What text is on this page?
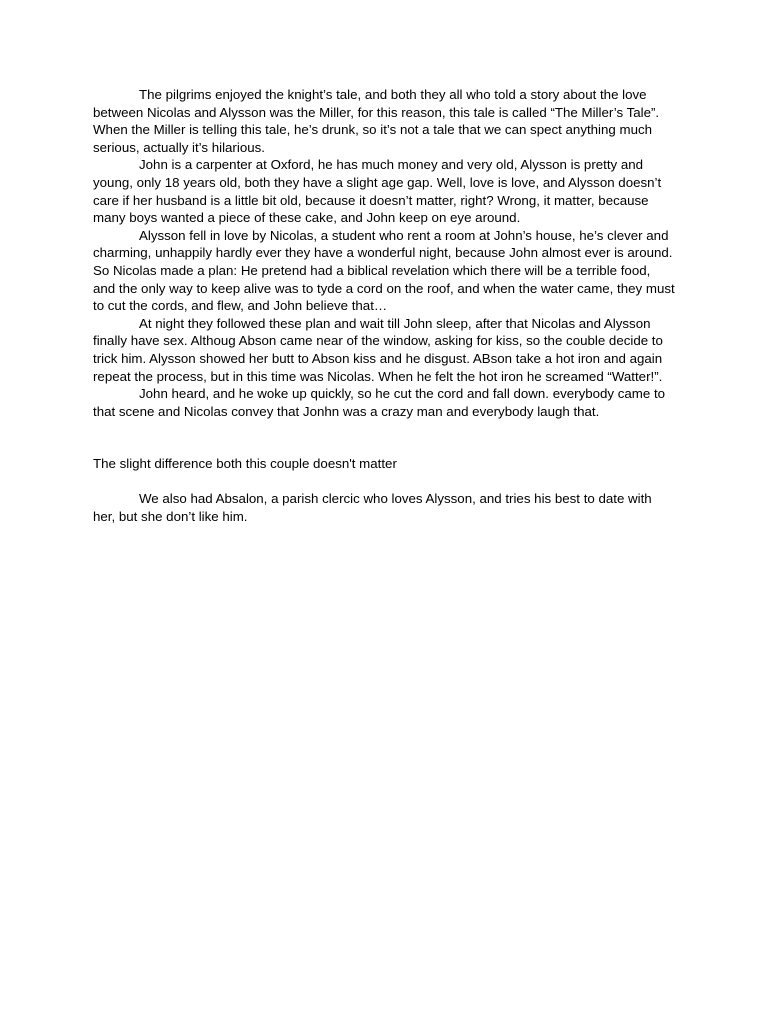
The pilgrims enjoyed the knight’s tale, and both they all who told a story about the love between Nicolas and Alysson was the Miller, for this reason, this tale is called “The Miller’s Tale”. When the Miller is telling this tale, he’s drunk, so it’s not a tale that we can spect anything much serious, actually it’s hilarious.

John is a carpenter at Oxford, he has much money and very old, Alysson is pretty and young, only 18 years old, both they have a slight age gap. Well, love is love, and Alysson doesn’t care if her husband is a little bit old, because it doesn’t matter, right? Wrong, it matter, because many boys wanted a piece of these cake, and John keep on eye around.

Alysson fell in love by Nicolas, a student who rent a room at John’s house, he’s clever and charming, unhappily hardly ever they have a wonderful night, because John almost ever is around. So Nicolas made a plan: He pretend had a biblical revelation which there will be a terrible food, and the only way to keep alive was to tyde a cord on the roof, and when the water came, they must to cut the cords, and flew, and John believe that…

At night they followed these plan and wait till John sleep, after that Nicolas and Alysson finally have sex. Althoug Abson came near of the window, asking for kiss, so the couble decide to trick him. Alysson showed her butt to Abson kiss and he disgust. ABson take a hot iron and again repeat the process, but in this time was Nicolas. When he felt the hot iron he screamed “Watter!”.

John heard, and he woke up quickly, so he cut the cord and fall down. everybody came to that scene and Nicolas convey that Jonhn was a crazy man and everybody laugh that.

The slight difference both this couple doesn't matter

We also had Absalon, a parish clercic who loves Alysson, and tries his best to date with her, but she don’t like him.
